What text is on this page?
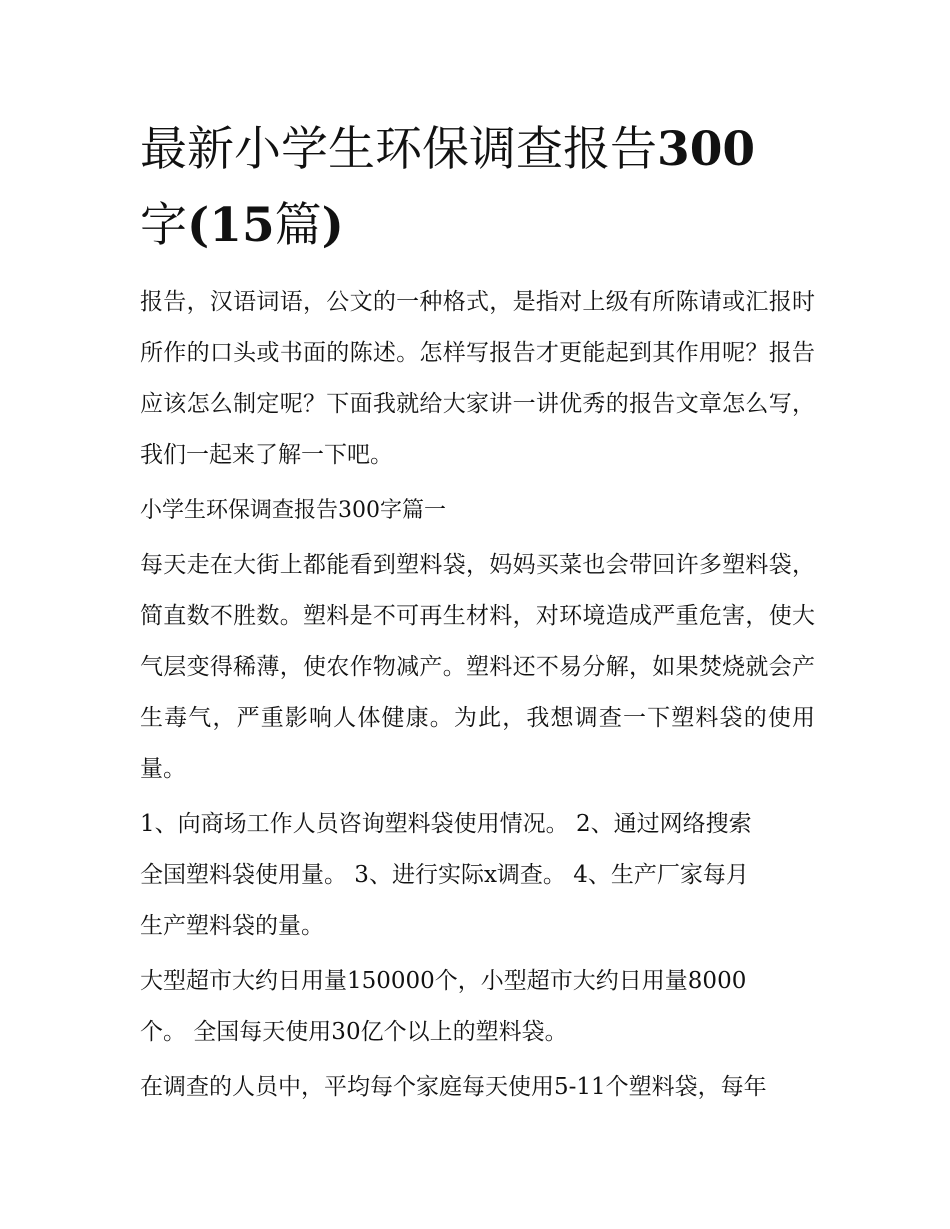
最新小学生环保调查报告300
字(15篇)

报告，汉语词语，公文的一种格式，是指对上级有所陈请或汇报时所作的口头或书面的陈述。怎样写报告才更能起到其作用呢？报告应该怎么制定呢？下面我就给大家讲一讲优秀的报告文章怎么写，我们一起来了解一下吧。

小学生环保调查报告300字篇一

每天走在大街上都能看到塑料袋，妈妈买菜也会带回许多塑料袋，简直数不胜数。塑料是不可再生材料，对环境造成严重危害，使大气层变得稀薄，使农作物减产。塑料还不易分解，如果焚烧就会产生毒气，严重影响人体健康。为此，我想调查一下塑料袋的使用量。

1、向商场工作人员咨询塑料袋使用情况。 2、通过网络搜索
全国塑料袋使用量。 3、进行实际x调查。 4、生产厂家每月
生产塑料袋的量。

大型超市大约日用量150000个，小型超市大约日用量8000
个。 全国每天使用30亿个以上的塑料袋。

在调查的人员中，平均每个家庭每天使用5-11个塑料袋，每年
